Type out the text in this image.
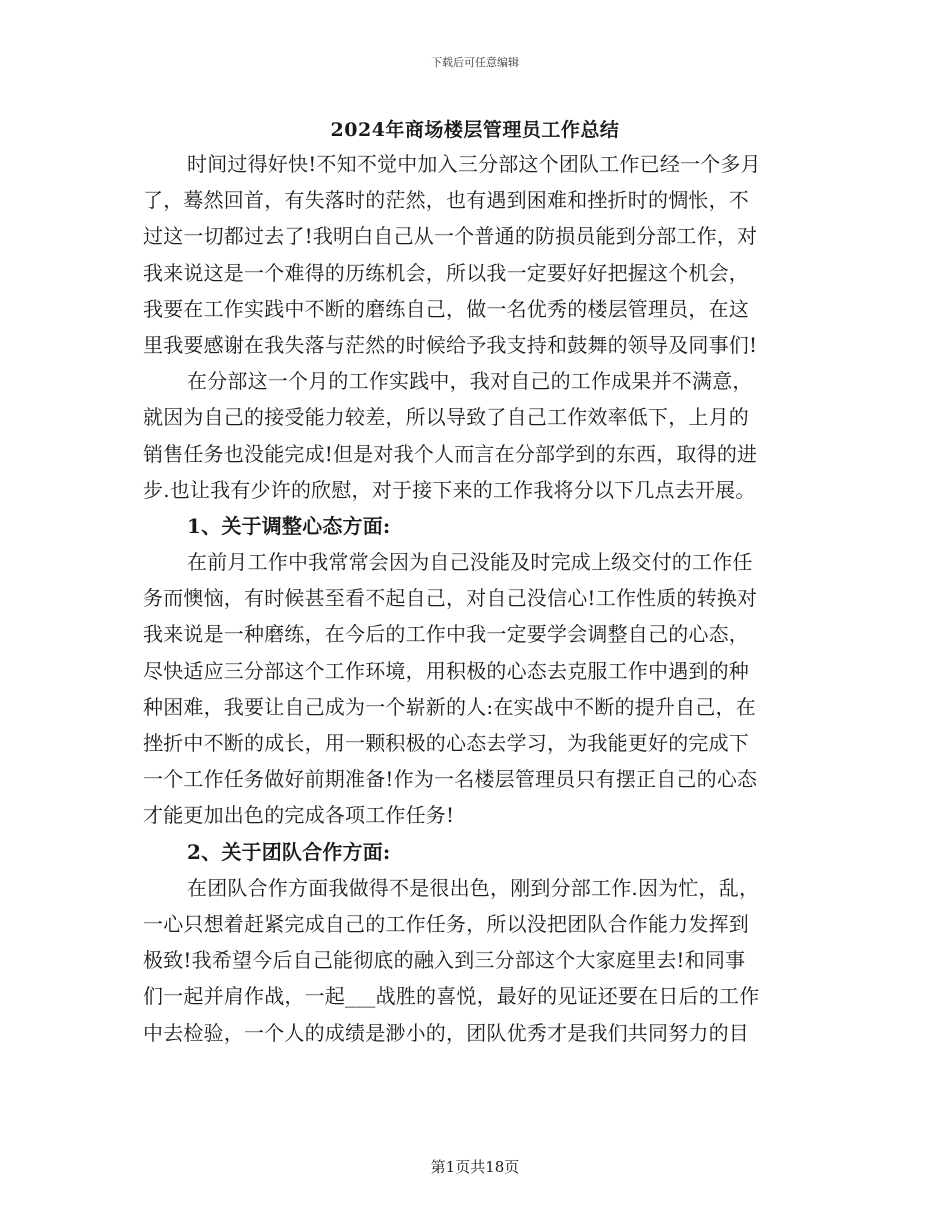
下载后可任意编辑
2024年商场楼层管理员工作总结
时间过得好快!不知不觉中加入三分部这个团队工作已经一个多月
了，蓦然回首，有失落时的茫然，也有遇到困难和挫折时的惆怅，不
过这一切都过去了!我明白自己从一个普通的防损员能到分部工作，对
我来说这是一个难得的历练机会，所以我一定要好好把握这个机会，
我要在工作实践中不断的磨练自己，做一名优秀的楼层管理员，在这
里我要感谢在我失落与茫然的时候给予我支持和鼓舞的领导及同事们!
在分部这一个月的工作实践中，我对自己的工作成果并不满意，
就因为自己的接受能力较差，所以导致了自己工作效率低下，上月的
销售任务也没能完成!但是对我个人而言在分部学到的东西，取得的进
步.也让我有少许的欣慰，对于接下来的工作我将分以下几点去开展。
1、关于调整心态方面:
在前月工作中我常常会因为自己没能及时完成上级交付的工作任
务而懊恼，有时候甚至看不起自己，对自己没信心!工作性质的转换对
我来说是一种磨练，在今后的工作中我一定要学会调整自己的心态，
尽快适应三分部这个工作环境，用积极的心态去克服工作中遇到的种
种困难，我要让自己成为一个崭新的人:在实战中不断的提升自己，在
挫折中不断的成长，用一颗积极的心态去学习，为我能更好的完成下
一个工作任务做好前期准备!作为一名楼层管理员只有摆正自己的心态
才能更加出色的完成各项工作任务!
2、关于团队合作方面:
在团队合作方面我做得不是很出色，刚到分部工作.因为忙，乱，
一心只想着赶紧完成自己的工作任务，所以没把团队合作能力发挥到
极致!我希望今后自己能彻底的融入到三分部这个大家庭里去!和同事
们一起并肩作战，一起___战胜的喜悦，最好的见证还要在日后的工作
中去检验，一个人的成绩是渺小的，团队优秀才是我们共同努力的目
第1页共18页
